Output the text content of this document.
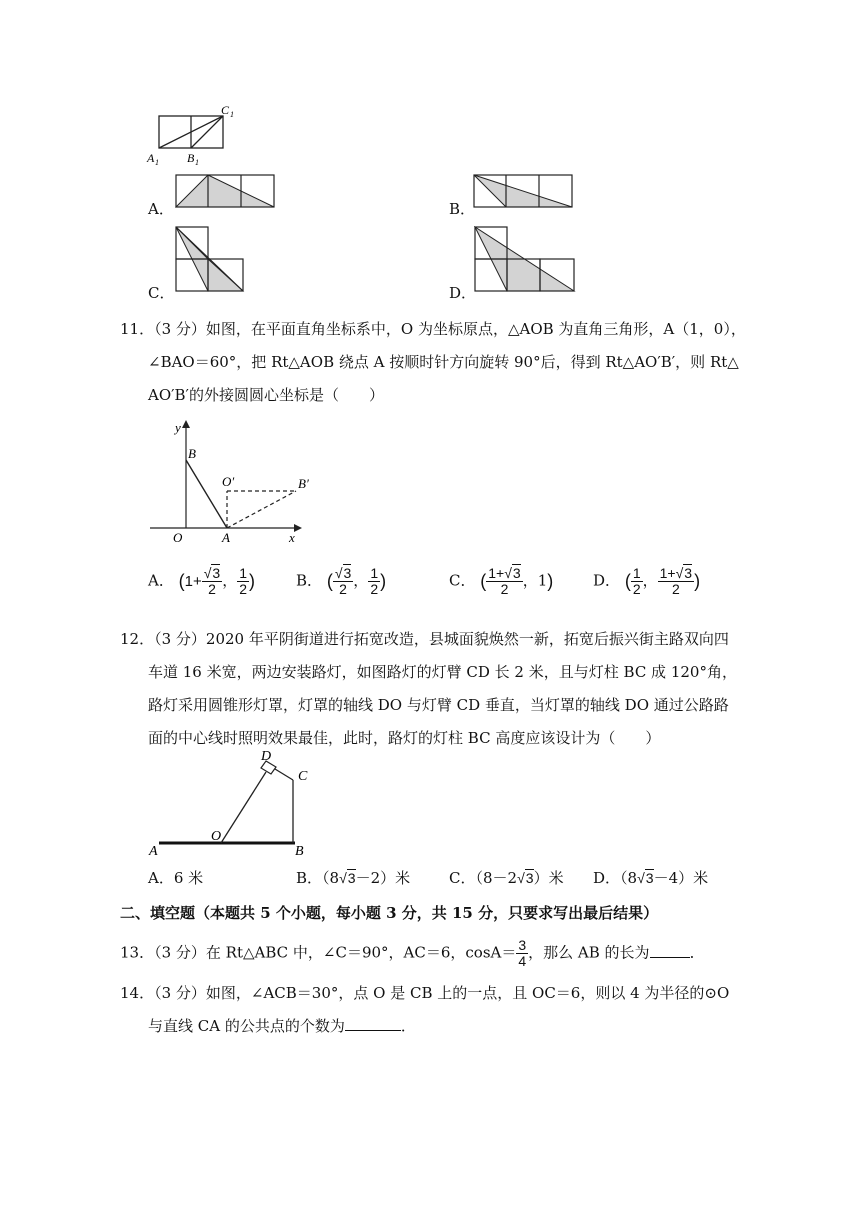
C 1
A 1 B 1
A．	B．
C．	D．
11．（3 分）如图，在平面直角坐标系中，O 为坐标原点，△AOB 为直角三角形，A（1，0），
∠BAO＝60°，把 Rt△AOB 绕点 A 按顺时针方向旋转 90°后，得到 Rt△AO′B′，则 Rt△
AO′B′的外接圆圆心坐标是（　　）
y
x
O	A
B
O′	B′
A． ($1+ \frac{√3}{2}$ ， $\frac{1}{2}$ )	B． ( $\frac{√3}{2}$ ， $\frac{1}{2}$ )	C． ( $\frac{1+√3}{2}$ ，1)	D． ( $\frac{1}{2}$ ， $\frac{1+√3}{2}$ )
12．（3 分）2020 年平阴街道进行拓宽改造，县城面貌焕然一新，拓宽后振兴街主路双向四
车道 16 米宽，两边安装路灯，如图路灯的灯臂 CD 长 2 米，且与灯柱 BC 成 120°角，
路灯采用圆锥形灯罩，灯罩的轴线 DO 与灯臂 CD 垂直，当灯罩的轴线 DO 通过公路路
面的中心线时照明效果最佳，此时，路灯的灯柱 BC 高度应该设计为（　　）
D
C
O
A	B
A．6 米	B．（8√3－2）米	C．（8－2√3）米 D．（8√3－4）米
二、填空题（本题共 5 个小题，每小题 3 分，共 15 分，只要求写出最后结果）
13．（3 分）在 Rt△ABC 中，∠C＝90°，AC＝6，$\cos A= \frac{3}{4}$ ，那么 AB 的长为	．
14．（3 分）如图，∠ACB＝30°，点 O 是 CB 上的一点，且 OC＝6，则以 4 为半径的⊙O
与直线 CA 的公共点的个数为	．
